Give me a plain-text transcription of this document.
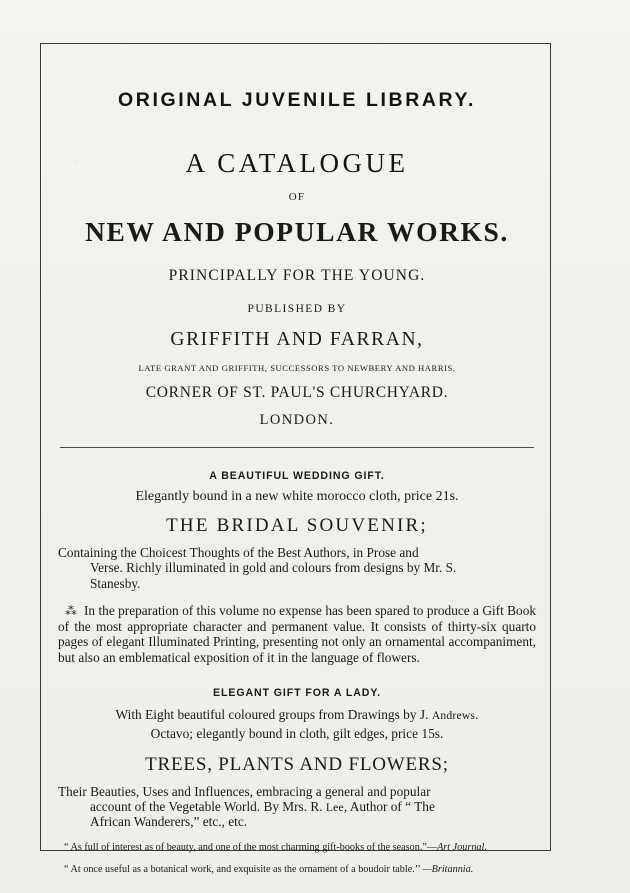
ORIGINAL JUVENILE LIBRARY.
A CATALOGUE
OF
NEW AND POPULAR WORKS.
PRINCIPALLY FOR THE YOUNG.
PUBLISHED BY
GRIFFITH AND FARRAN,
LATE GRANT AND GRIFFITH, SUCCESSORS TO NEWBERY AND HARRIS,
CORNER OF ST. PAUL'S CHURCHYARD.
LONDON.
A BEAUTIFUL WEDDING GIFT.
Elegantly bound in a new white morocco cloth, price 21s.
THE BRIDAL SOUVENIR;
Containing the Choicest Thoughts of the Best Authors, in Prose and
Verse. Richly illuminated in gold and colours from designs by Mr. S.
Stanesby.
⁂ In the preparation of this volume no expense has been spared to produce a Gift Book of the most appropriate character and permanent value. It consists of thirty-six quarto pages of elegant Illuminated Printing, presenting not only an ornamental accompaniment, but also an emblematical exposition of it in the language of flowers.
ELEGANT GIFT FOR A LADY.
With Eight beautiful coloured groups from Drawings by J. Andrews.
Octavo; elegantly bound in cloth, gilt edges, price 15s.
TREES, PLANTS AND FLOWERS;
Their Beauties, Uses and Influences, embracing a general and popular
account of the Vegetable World. By Mrs. R. Lee, Author of “ The
African Wanderers,” etc., etc.
“ As full of interest as of beauty, and one of the most charming gift-books of the season.”—Art Journal.
“ At once useful as a botanical work, and exquisite as the ornament of a boudoir table.’’ —Britannia.
